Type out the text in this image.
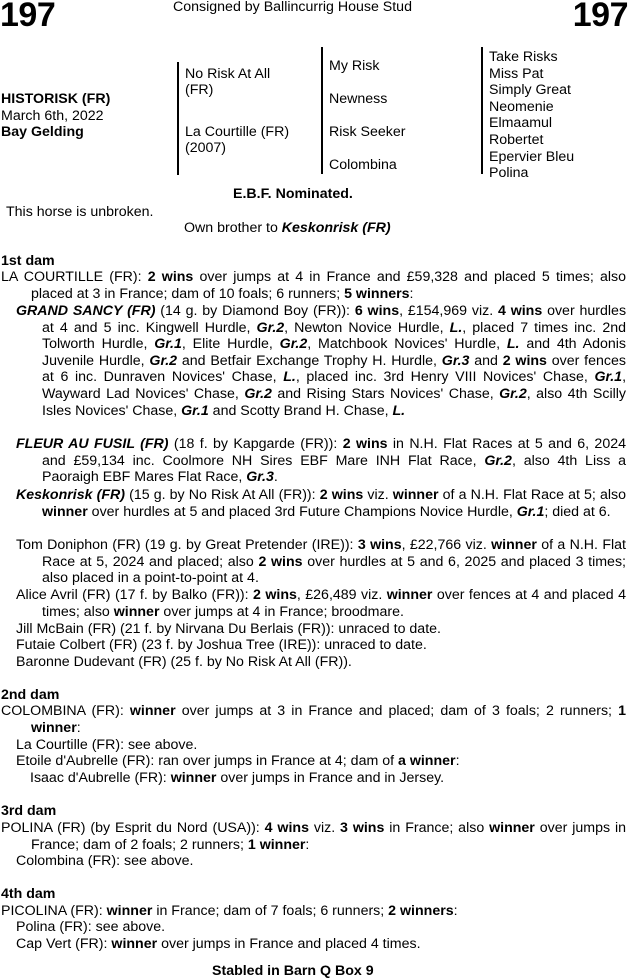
197	197
Consigned by Ballincurrig House Stud
HISTORISK (FR)
March 6th, 2022
Bay Gelding
No Risk At All
(FR)
La Courtille (FR)
(2007)
My Risk
Newness
Risk Seeker
Colombina
Take Risks
Miss Pat
Simply Great
Neomenie
Elmaamul
Robertet
Epervier Bleu
Polina
E.B.F. Nominated.
This horse is unbroken.
Own brother to Keskonrisk (FR)
1st dam
LA COURTILLE (FR): 2 wins over jumps at 4 in France and £59,328 and placed 5 times; also placed at 3 in France; dam of 10 foals; 6 runners; 5 winners:
GRAND SANCY (FR) (14 g. by Diamond Boy (FR)): 6 wins, £154,969 viz. 4 wins over hurdles at 4 and 5 inc. Kingwell Hurdle, Gr.2, Newton Novice Hurdle, L., placed 7 times inc. 2nd Tolworth Hurdle, Gr.1, Elite Hurdle, Gr.2, Matchbook Novices' Hurdle, L. and 4th Adonis Juvenile Hurdle, Gr.2 and Betfair Exchange Trophy H. Hurdle, Gr.3 and 2 wins over fences at 6 inc. Dunraven Novices' Chase, L., placed inc. 3rd Henry VIII Novices' Chase, Gr.1, Wayward Lad Novices' Chase, Gr.2 and Rising Stars Novices' Chase, Gr.2, also 4th Scilly Isles Novices' Chase, Gr.1 and Scotty Brand H. Chase, L.
FLEUR AU FUSIL (FR) (18 f. by Kapgarde (FR)): 2 wins in N.H. Flat Races at 5 and 6, 2024 and £59,134 inc. Coolmore NH Sires EBF Mare INH Flat Race, Gr.2, also 4th Liss a Paoraigh EBF Mares Flat Race, Gr.3.
Keskonrisk (FR) (15 g. by No Risk At All (FR)): 2 wins viz. winner of a N.H. Flat Race at 5; also winner over hurdles at 5 and placed 3rd Future Champions Novice Hurdle, Gr.1; died at 6.
Tom Doniphon (FR) (19 g. by Great Pretender (IRE)): 3 wins, £22,766 viz. winner of a N.H. Flat Race at 5, 2024 and placed; also 2 wins over hurdles at 5 and 6, 2025 and placed 3 times; also placed in a point-to-point at 4.
Alice Avril (FR) (17 f. by Balko (FR)): 2 wins, £26,489 viz. winner over fences at 4 and placed 4 times; also winner over jumps at 4 in France; broodmare.
Jill McBain (FR) (21 f. by Nirvana Du Berlais (FR)): unraced to date.
Futaie Colbert (FR) (23 f. by Joshua Tree (IRE)): unraced to date.
Baronne Dudevant (FR) (25 f. by No Risk At All (FR)).
2nd dam
COLOMBINA (FR): winner over jumps at 3 in France and placed; dam of 3 foals; 2 runners; 1 winner:
La Courtille (FR): see above.
Etoile d'Aubrelle (FR): ran over jumps in France at 4; dam of a winner:
Isaac d'Aubrelle (FR): winner over jumps in France and in Jersey.
3rd dam
POLINA (FR) (by Esprit du Nord (USA)): 4 wins viz. 3 wins in France; also winner over jumps in France; dam of 2 foals; 2 runners; 1 winner:
Colombina (FR): see above.
4th dam
PICOLINA (FR): winner in France; dam of 7 foals; 6 runners; 2 winners:
Polina (FR): see above.
Cap Vert (FR): winner over jumps in France and placed 4 times.
Stabled in Barn Q Box 9
